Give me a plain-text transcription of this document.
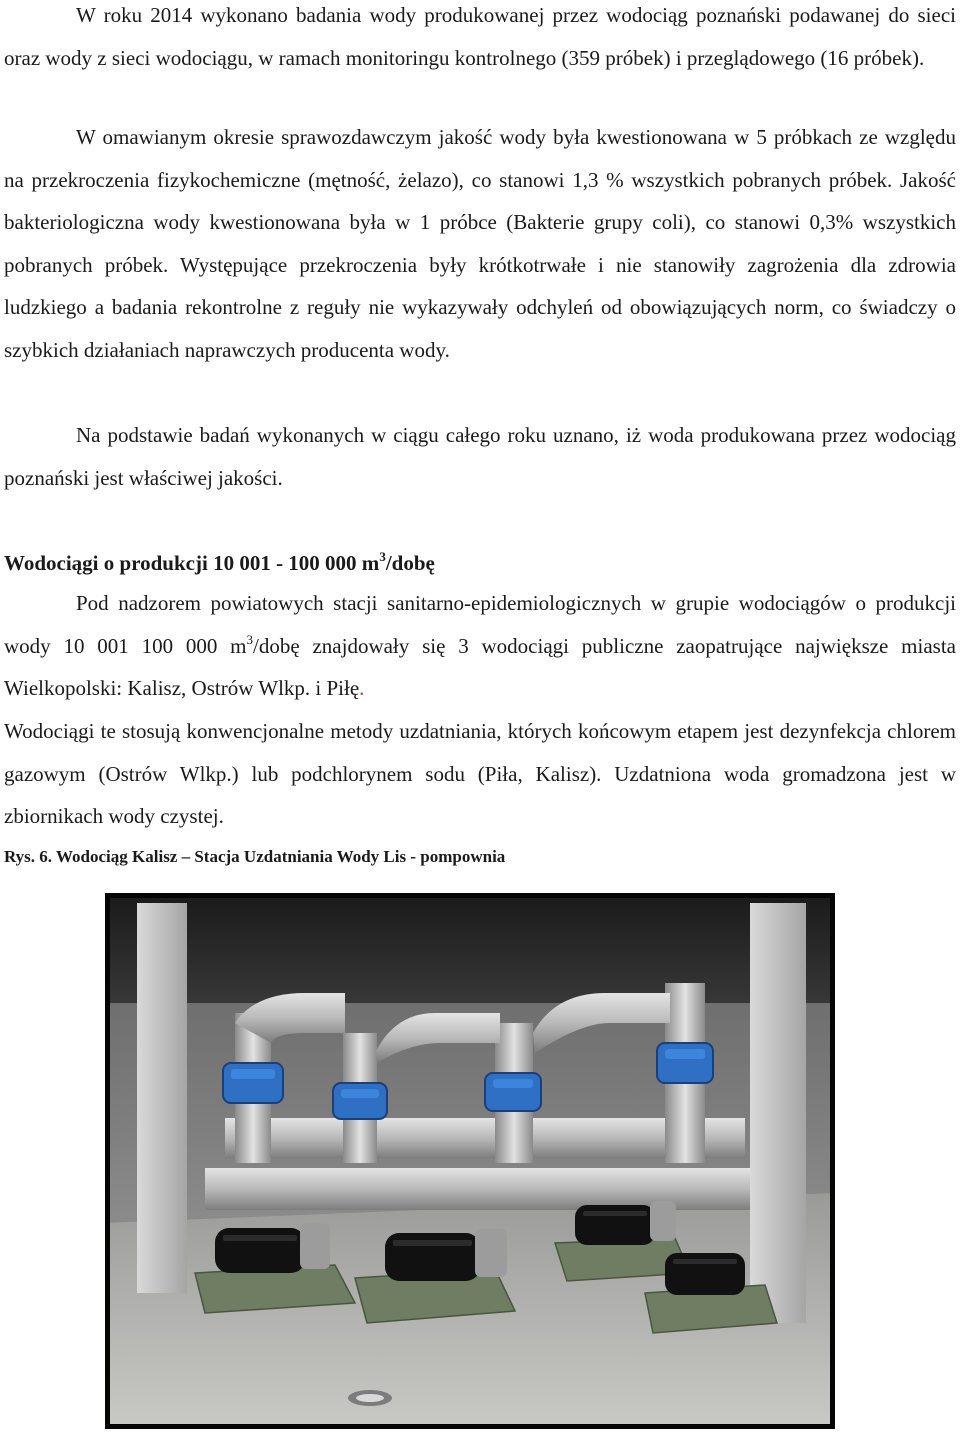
W roku 2014 wykonano badania wody produkowanej przez wodociąg poznański podawanej do sieci oraz wody z sieci wodociągu, w ramach monitoringu kontrolnego (359 próbek) i przeglądowego (16 próbek).

W omawianym okresie sprawozdawczym jakość wody była kwestionowana w 5 próbkach ze względu na przekroczenia fizykochemiczne (mętność, żelazo), co stanowi 1,3 % wszystkich pobranych próbek. Jakość bakteriologiczna wody kwestionowana była w 1 próbce (Bakterie grupy coli), co stanowi 0,3% wszystkich pobranych próbek. Występujące przekroczenia były krótkotrwałe i nie stanowiły zagrożenia dla zdrowia ludzkiego a badania rekontrolne z reguły nie wykazywały odchyleń od obowiązujących norm, co świadczy o szybkich działaniach naprawczych producenta wody.

Na podstawie badań wykonanych w ciągu całego roku uznano, iż woda produkowana przez wodociąg poznański jest właściwej jakości.

Wodociągi o produkcji 10 001 - 100 000 $m^3$/dobę

Pod nadzorem powiatowych stacji sanitarno-epidemiologicznych w grupie wodociągów o produkcji wody 10 001 100 000 $m^3$/dobę znajdowały się 3 wodociągi publiczne zaopatrujące największe miasta Wielkopolski: Kalisz, Ostrów Wlkp. i Piłę.

Wodociągi te stosują konwencjonalne metody uzdatniania, których końcowym etapem jest dezynfekcja chlorem gazowym (Ostrów Wlkp.) lub podchlorynem sodu (Piła, Kalisz). Uzdatniona woda gromadzona jest w zbiornikach wody czystej.

Rys. 6. Wodociąg Kalisz – Stacja Uzdatniania Wody Lis - pompownia
